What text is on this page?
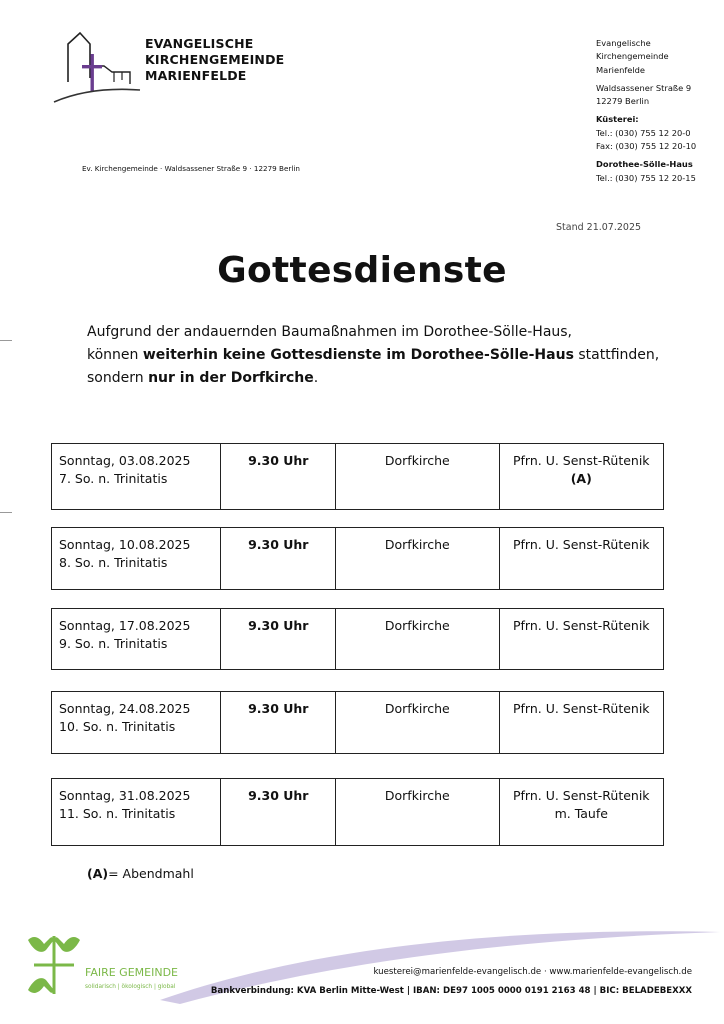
EVANGELISCHE
KIRCHENGEMEINDE
MARIENFELDE
Ev. Kirchengemeinde · Waldsassener Straße 9 · 12279 Berlin
Evangelische
Kirchengemeinde
Marienfelde
Waldsassener Straße 9
12279 Berlin
Küsterei:
Tel.: (030) 755 12 20-0
Fax: (030) 755 12 20-10
Dorothee-Sölle-Haus
Tel.: (030) 755 12 20-15
Stand 21.07.2025
Gottesdienste
Aufgrund der andauernden Baumaßnahmen im Dorothee-Sölle-Haus,
können weiterhin keine Gottesdienste im Dorothee-Sölle-Haus stattfinden,
sondern nur in der Dorfkirche.
Sonntag, 03.08.2025
7. So. n. Trinitatis
9.30 Uhr	Dorfkirche	Pfrn. U. Senst-Rütenik
(A)
Sonntag, 10.08.2025
8. So. n. Trinitatis
9.30 Uhr	Dorfkirche	Pfrn. U. Senst-Rütenik
Sonntag, 17.08.2025
9. So. n. Trinitatis
9.30 Uhr	Dorfkirche	Pfrn. U. Senst-Rütenik
Sonntag, 24.08.2025
10. So. n. Trinitatis
9.30 Uhr	Dorfkirche	Pfrn. U. Senst-Rütenik
Sonntag, 31.08.2025
11. So. n. Trinitatis
9.30 Uhr	Dorfkirche	Pfrn. U. Senst-Rütenik
m. Taufe
(A)= Abendmahl
FAIRE GEMEINDE
solidarisch | ökologisch | global
kuesterei@marienfelde-evangelisch.de · www.marienfelde-evangelisch.de
Bankverbindung: KVA Berlin Mitte-West | IBAN: DE97 1005 0000 0191 2163 48 | BIC: BELADEBEXXX
